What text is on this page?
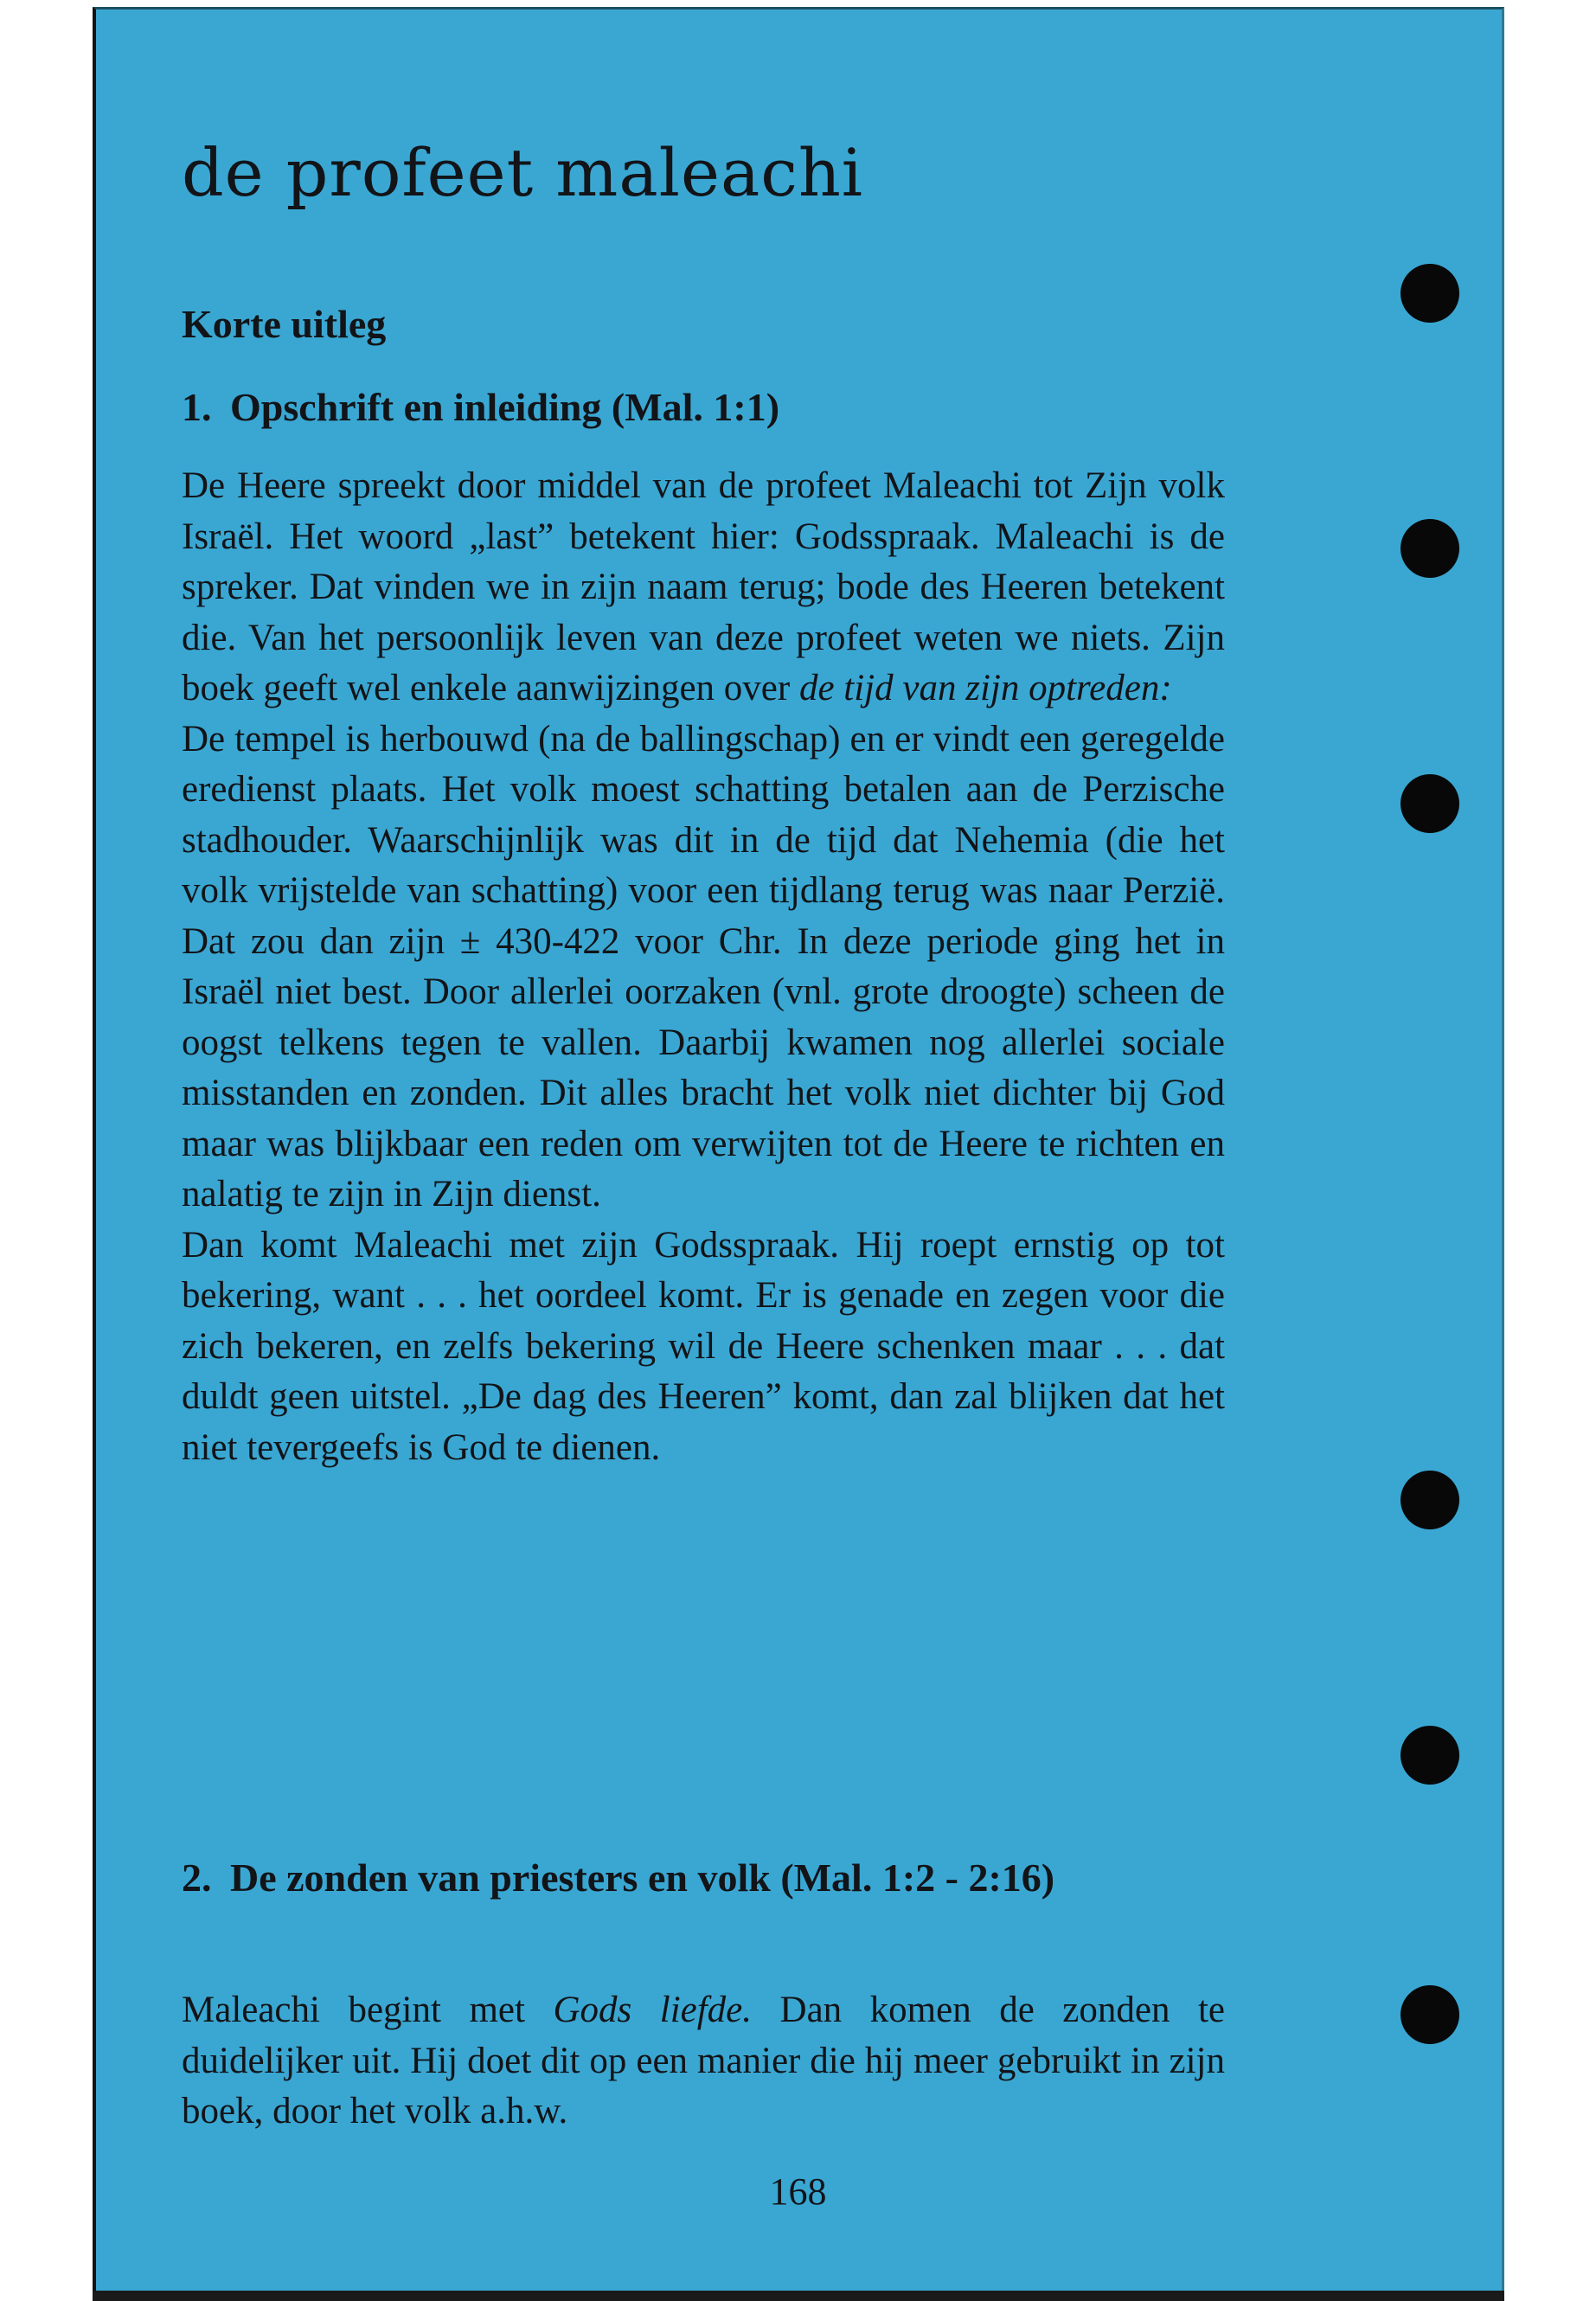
de profeet maleachi
Korte uitleg
1. Opschrift en inleiding (Mal. 1:1)

De Heere spreekt door middel van de profeet Maleachi tot Zijn volk Israël. Het woord „last” betekent hier: Godsspraak. Maleachi is de spreker. Dat vinden we in zijn naam terug; bode des Heeren betekent die. Van het persoonlijk leven van deze profeet weten we niets. Zijn boek geeft wel enkele aanwijzingen over de tijd van zijn optreden:

De tempel is herbouwd (na de ballingschap) en er vindt een geregelde eredienst plaats. Het volk moest schatting betalen aan de Perzische stadhouder. Waarschijnlijk was dit in de tijd dat Nehemia (die het volk vrijstelde van schatting) voor een tijdlang terug was naar Perzië. Dat zou dan zijn ± 430-422 voor Chr. In deze periode ging het in Israël niet best. Door allerlei oorzaken (vnl. grote droogte) scheen de oogst telkens tegen te vallen. Daarbij kwamen nog allerlei sociale misstanden en zonden. Dit alles bracht het volk niet dichter bij God maar was blijkbaar een reden om verwijten tot de Heere te richten en nalatig te zijn in Zijn dienst.

Dan komt Maleachi met zijn Godsspraak. Hij roept ernstig op tot bekering, want . . . het oordeel komt. Er is genade en zegen voor die zich bekeren, en zelfs bekering wil de Heere schenken maar . . . dat duldt geen uitstel. „De dag des Heeren” komt, dan zal blijken dat het niet tevergeefs is God te dienen.

2. De zonden van priesters en volk (Mal. 1:2 - 2:16)

Maleachi begint met Gods liefde. Dan komen de zonden te duidelijker uit. Hij doet dit op een manier die hij meer gebruikt in zijn boek, door het volk a.h.w.

168
